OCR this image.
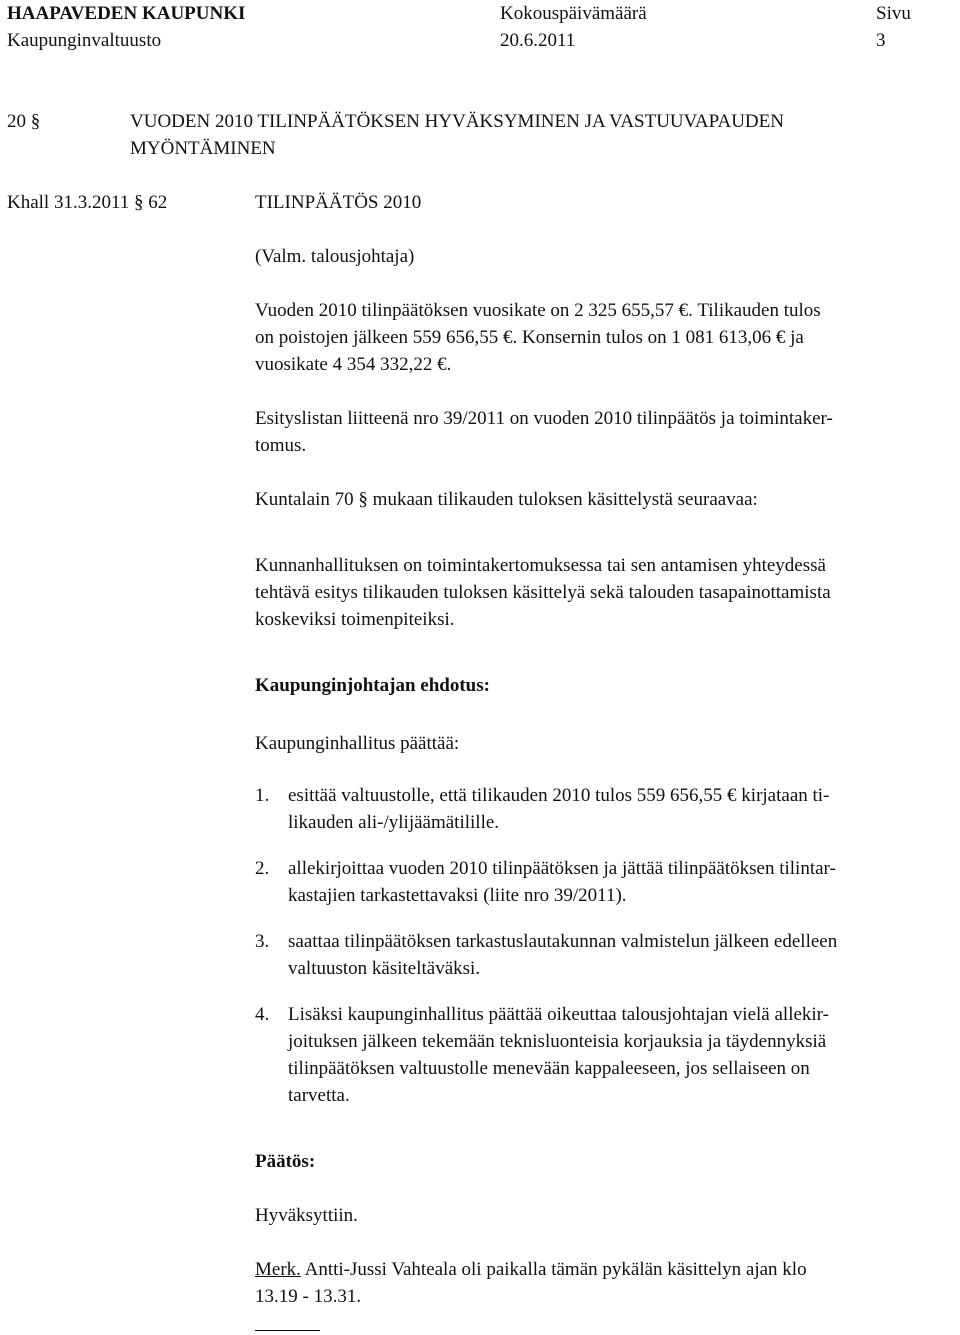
HAAPAVEDEN KAUPUNKI
Kaupunginvaltuusto
Kokouspäivämäärä
20.6.2011
Sivu
3
20 §	VUODEN 2010 TILINPÄÄTÖKSEN HYVÄKSYMINEN JA VASTUUVAPAUDEN
MYÖNTÄMINEN
Khall 31.3.2011 § 62	TILINPÄÄTÖS 2010
(Valm. talousjohtaja)
Vuoden 2010 tilinpäätöksen vuosikate on 2 325 655,57 €. Tilikauden tulos
on poistojen jälkeen 559 656,55 €. Konsernin tulos on 1 081 613,06 € ja
vuosikate 4 354 332,22 €.
Esityslistan liitteenä nro 39/2011 on vuoden 2010 tilinpäätös ja toimintaker-
tomus.
Kuntalain 70 § mukaan tilikauden tuloksen käsittelystä seuraavaa:
Kunnanhallituksen on toimintakertomuksessa tai sen antamisen yhteydessä
tehtävä esitys tilikauden tuloksen käsittelyä sekä talouden tasapainottamista
koskeviksi toimenpiteiksi.
Kaupunginjohtajan ehdotus:
Kaupunginhallitus päättää:
1. esittää valtuustolle, että tilikauden 2010 tulos 559 656,55 € kirjataan ti-
likauden ali-/ylijäämätilille.
2. allekirjoittaa vuoden 2010 tilinpäätöksen ja jättää tilinpäätöksen tilintar-
kastajien tarkastettavaksi (liite nro 39/2011).
3. saattaa tilinpäätöksen tarkastuslautakunnan valmistelun jälkeen edelleen
valtuuston käsiteltäväksi.
4. Lisäksi kaupunginhallitus päättää oikeuttaa talousjohtajan vielä allekir-
joituksen jälkeen tekemään teknisluonteisia korjauksia ja täydennyksiä
tilinpäätöksen valtuustolle menevään kappaleeseen, jos sellaiseen on
tarvetta.
Päätös:
Hyväksyttiin.
Merk. Antti-Jussi Vahteala oli paikalla tämän pykälän käsittelyn ajan klo
13.19 - 13.31.
